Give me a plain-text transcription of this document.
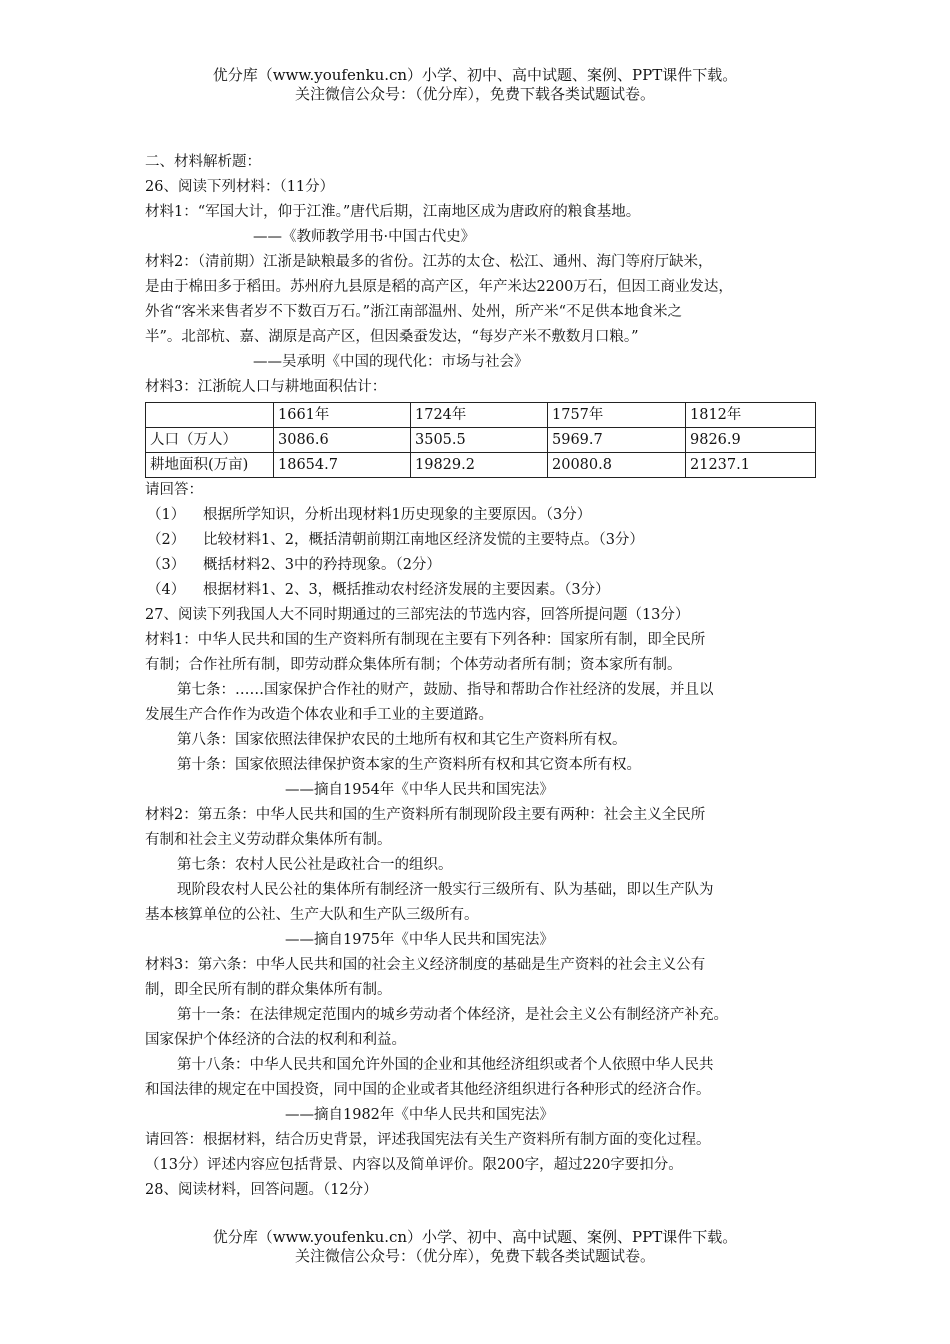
优分库（www.youfenku.cn）小学、初中、高中试题、案例、PPT课件下载。
关注微信公众号：（优分库），免费下载各类试题试卷。
二、材料解析题：
26、阅读下列材料：（11分）
材料1：“军国大计，仰于江淮。”唐代后期，江南地区成为唐政府的粮食基地。
——《教师教学用书·中国古代史》
材料2：（清前期）江浙是缺粮最多的省份。江苏的太仓、松江、通州、海门等府厅缺米，
是由于棉田多于稻田。苏州府九县原是稻的高产区，年产米达2200万石，但因工商业发达，
外省“客米来售者岁不下数百万石。”浙江南部温州、处州，所产米“不足供本地食米之
半”。北部杭、嘉、湖原是高产区，但因桑蚕发达，“每岁产米不敷数月口粮。”
——吴承明《中国的现代化：市场与社会》
材料3：江浙皖人口与耕地面积估计：
	1661年	1724年	1757年	1812年
人口（万人）	3086.6	3505.5	5969.7	9826.9
耕地面积(万亩)	18654.7	19829.2	20080.8	21237.1
请回答：
（1） 根据所学知识，分析出现材料1历史现象的主要原因。（3分）
（2） 比较材料1、2，概括清朝前期江南地区经济发慌的主要特点。（3分）
（3） 概括材料2、3中的矜持现象。（2分）
（4） 根据材料1、2、3，概括推动农村经济发展的主要因素。（3分）
27、阅读下列我国人大不同时期通过的三部宪法的节选内容，回答所提问题（13分）
材料1：中华人民共和国的生产资料所有制现在主要有下列各种：国家所有制，即全民所
有制；合作社所有制，即劳动群众集体所有制；个体劳动者所有制；资本家所有制。
第七条：……国家保护合作社的财产，鼓励、指导和帮助合作社经济的发展，并且以
发展生产合作作为改造个体农业和手工业的主要道路。
第八条：国家依照法律保护农民的土地所有权和其它生产资料所有权。
第十条：国家依照法律保护资本家的生产资料所有权和其它资本所有权。
——摘自1954年《中华人民共和国宪法》
材料2：第五条：中华人民共和国的生产资料所有制现阶段主要有两种：社会主义全民所
有制和社会主义劳动群众集体所有制。
第七条：农村人民公社是政社合一的组织。
现阶段农村人民公社的集体所有制经济一般实行三级所有、队为基础，即以生产队为
基本核算单位的公社、生产大队和生产队三级所有。
——摘自1975年《中华人民共和国宪法》
材料3：第六条：中华人民共和国的社会主义经济制度的基础是生产资料的社会主义公有
制，即全民所有制的群众集体所有制。
第十一条：在法律规定范围内的城乡劳动者个体经济，是社会主义公有制经济产补充。
国家保护个体经济的合法的权利和利益。
第十八条：中华人民共和国允许外国的企业和其他经济组织或者个人依照中华人民共
和国法律的规定在中国投资，同中国的企业或者其他经济组织进行各种形式的经济合作。
——摘自1982年《中华人民共和国宪法》
请回答：根据材料，结合历史背景，评述我国宪法有关生产资料所有制方面的变化过程。
（13分）评述内容应包括背景、内容以及简单评价。限200字，超过220字要扣分。
28、阅读材料，回答问题。（12分）
优分库（www.youfenku.cn）小学、初中、高中试题、案例、PPT课件下载。
关注微信公众号：（优分库），免费下载各类试题试卷。
